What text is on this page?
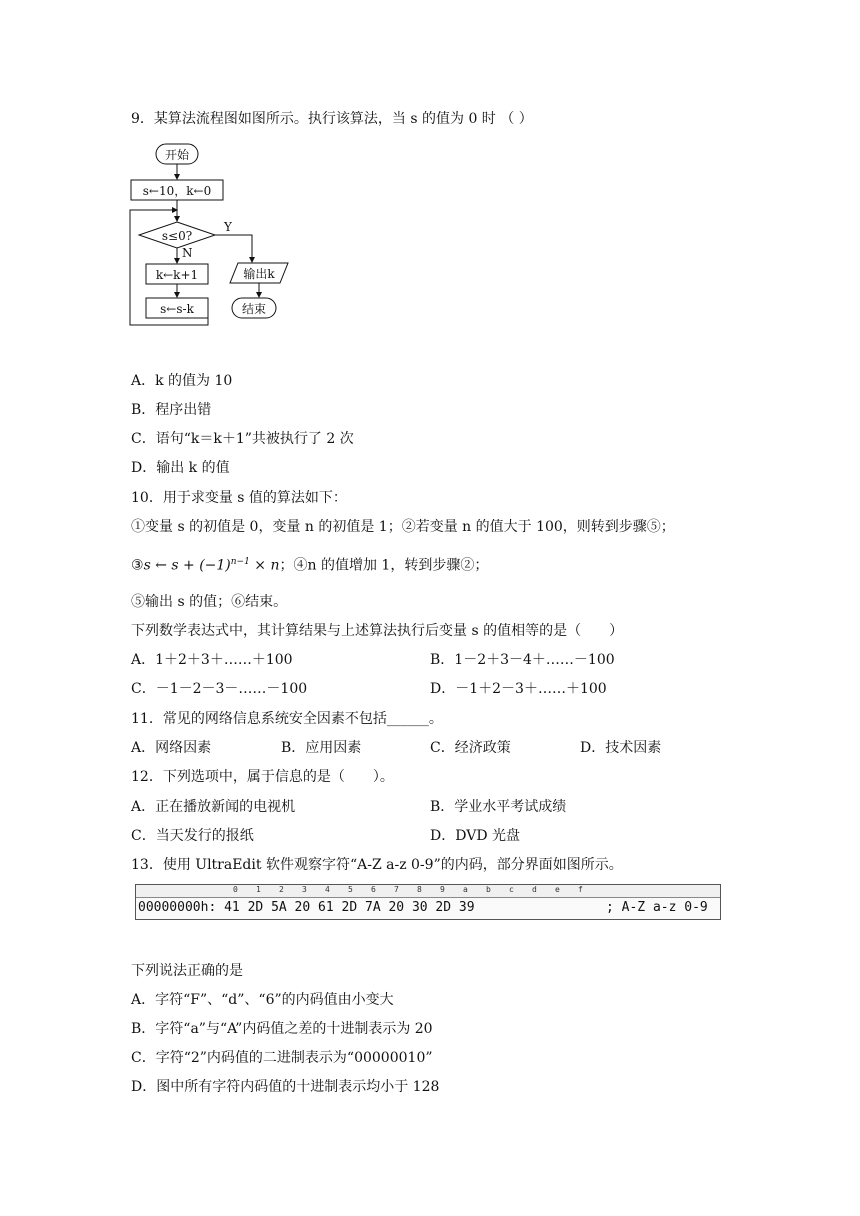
9．某算法流程图如图所示。执行该算法，当 s 的值为 0 时 （ ）
开始
s←10，k←0
s≤0?
Y
输出k
结束
N
k←k+1
s←s-k
A．k 的值为 10
B．程序出错
C．语句“k＝k＋1”共被执行了 2 次
D．输出 k 的值
10．用于求变量 s 值的算法如下：
①变量 s 的初值是 0，变量 n 的初值是 1；②若变量 n 的值大于 100，则转到步骤⑤；
③s ← $s + (-1)^{n-1} \times n$；④n 的值增加 1，转到步骤②；
⑤输出 s 的值；⑥结束。
下列数学表达式中，其计算结果与上述算法执行后变量 s 的值相等的是（　　）
A．1＋2＋3＋……＋100	B．1－2＋3－4＋……－100
C．－1－2－3－……－100	D．－1＋2－3＋……＋100
11．常见的网络信息系统安全因素不包括______。
A．网络因素	B．应用因素	C．经济政策	D．技术因素
12．下列选项中，属于信息的是（　　）。
A．正在播放新闻的电视机	B．学业水平考试成绩
C．当天发行的报纸	D．DVD 光盘
13．使用 UltraEdit 软件观察字符“A-Z a-z 0-9”的内码，部分界面如图所示。
0 1 2 3 4 5 6 7 8 9 a b c d e f
00000000h: 41 2D 5A 20 61 2D 7A 20 30 2D 39	; A-Z a-z 0-9
下列说法正确的是
A．字符“F”、“d”、“6”的内码值由小变大
B．字符“a”与“A”内码值之差的十进制表示为 20
C．字符“2”内码值的二进制表示为“00000010”
D．图中所有字符内码值的十进制表示均小于 128
